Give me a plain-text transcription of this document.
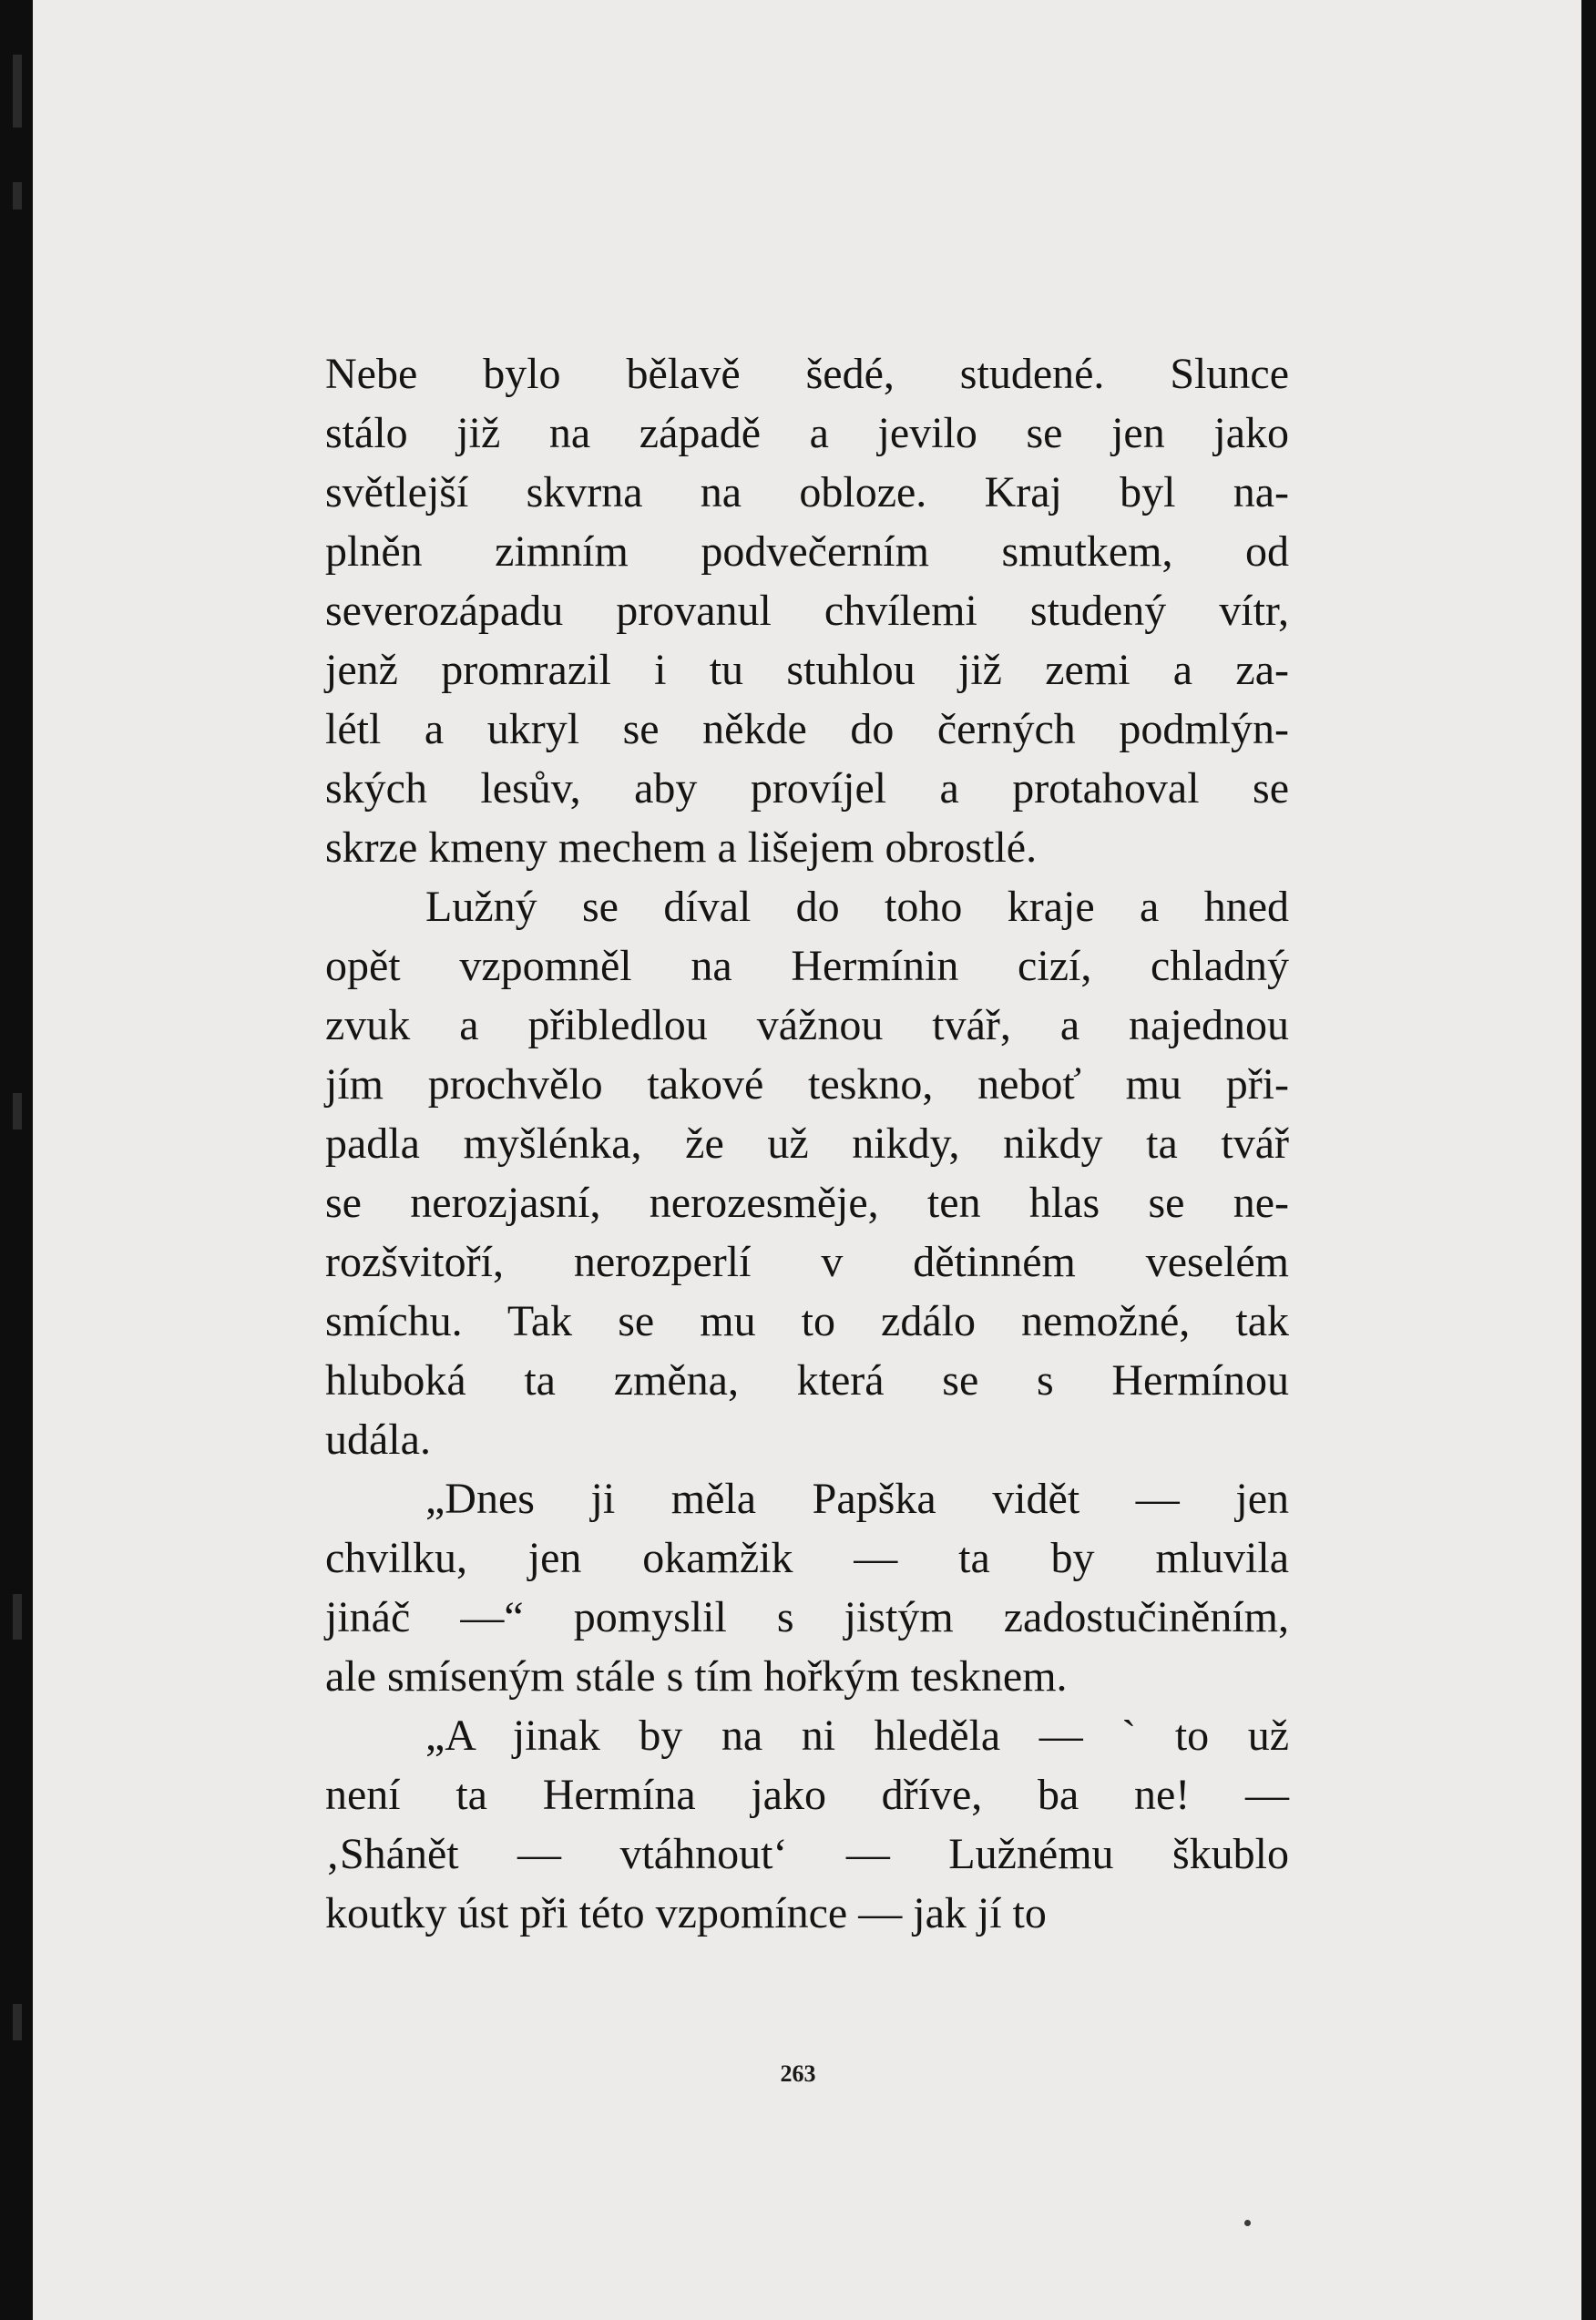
Nebe bylo bělavě šedé, studené. Slunce
stálo již na západě a jevilo se jen jako
světlejší skvrna na obloze. Kraj byl na-
plněn zimním podvečerním smutkem, od
severozápadu provanul chvílemi studený vítr,
jenž promrazil i tu stuhlou již zemi a za-
létl a ukryl se někde do černých podmlýn-
ských lesův, aby províjel a protahoval se
skrze kmeny mechem a lišejem obrostlé.
Lužný se díval do toho kraje a hned
opět vzpomněl na Hermínin cizí, chladný
zvuk a přibledlou vážnou tvář, a najednou
jím prochvělo takové teskno, neboť mu při-
padla myšlénka, že už nikdy, nikdy ta tvář
se nerozjasní, nerozesměje, ten hlas se ne-
rozšvitoří, nerozperlí v dětinném veselém
smíchu. Tak se mu to zdálo nemožné, tak
hluboká ta změna, která se s Hermínou
udála.
„Dnes ji měla Papška vidět — jen
chvilku, jen okamžik — ta by mluvila
jináč —“ pomyslil s jistým zadostučiněním,
ale smíseným stále s tím hořkým tesknem.
„A jinak by na ni hleděla — ` to už
není ta Hermína jako dříve, ba ne! —
‚Shánět — vtáhnout‘ — Lužnému škublo
koutky úst při této vzpomínce — jak jí to
263
